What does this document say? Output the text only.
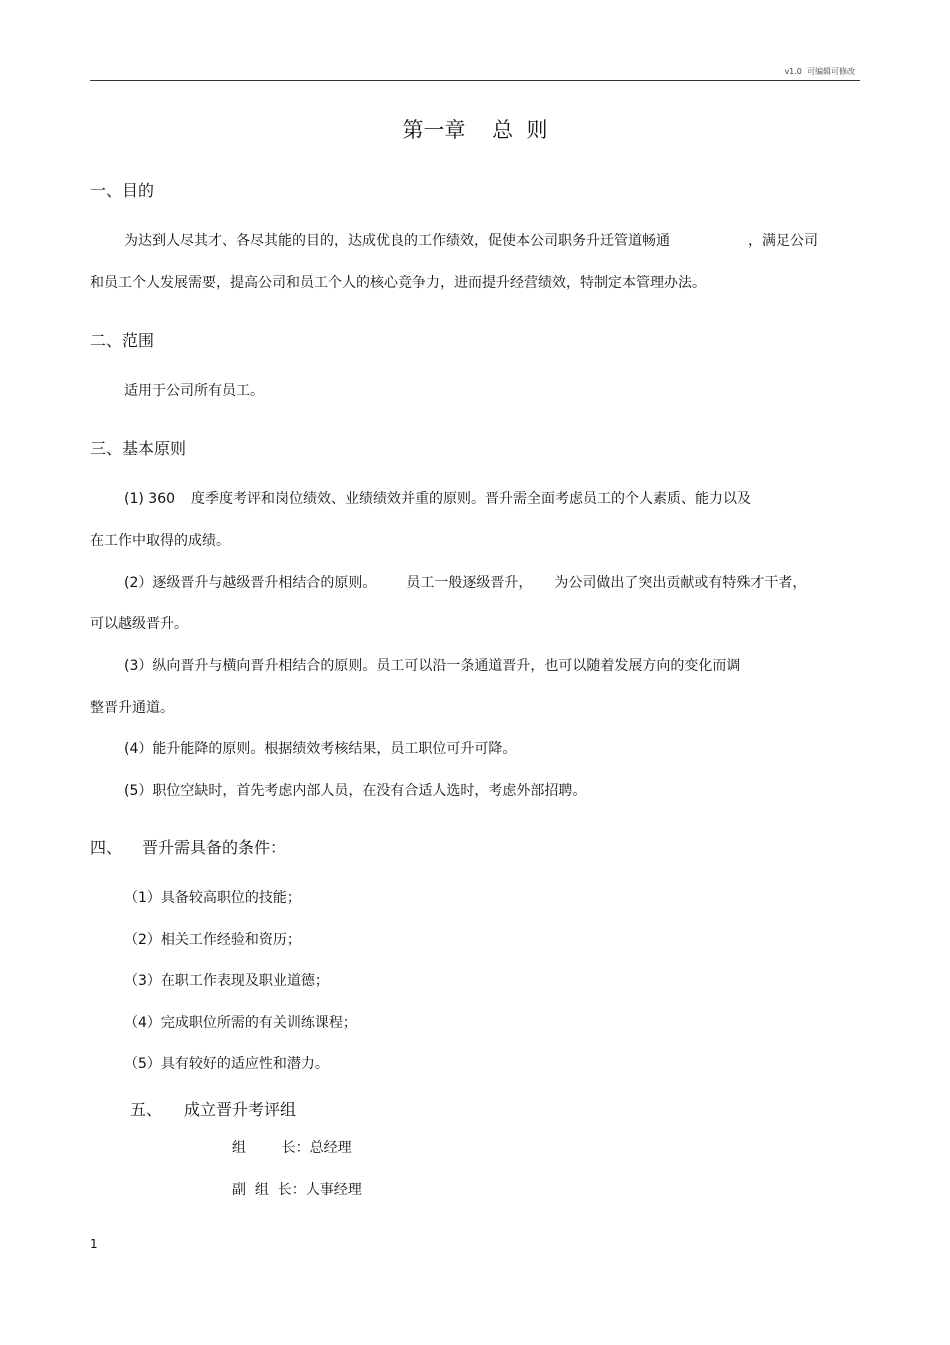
v1.0 可编辑可修改
第一章 总  则
一、目的
为达到人尽其才、各尽其能的目的，达成优良的工作绩效，促使本公司职务升迁管道畅通	，满足公司
和员工个人发展需要，提高公司和员工个人的核心竞争力，进而提升经营绩效，特制定本管理办法。
二、范围
适用于公司所有员工。
三、基本原则
(1) 360 度季度考评和岗位绩效、业绩绩效并重的原则。晋升需全面考虑员工的个人素质、能力以及
在工作中取得的成绩。
(2）逐级晋升与越级晋升相结合的原则。 员工一般逐级晋升， 为公司做出了突出贡献或有特殊才干者，
可以越级晋升。
(3）纵向晋升与横向晋升相结合的原则。员工可以沿一条通道晋升，也可以随着发展方向的变化而调
整晋升通道。
(4）能升能降的原则。根据绩效考核结果，员工职位可升可降。
(5）职位空缺时，首先考虑内部人员，在没有合适人选时，考虑外部招聘。
四、 晋升需具备的条件：
（1）具备较高职位的技能；
（2）相关工作经验和资历；
（3）在职工作表现及职业道德；
（4）完成职位所需的有关训练课程；
（5）具有较好的适应性和潜力。
五、 成立晋升考评组
组        长：总经理
副  组  长：人事经理
1
